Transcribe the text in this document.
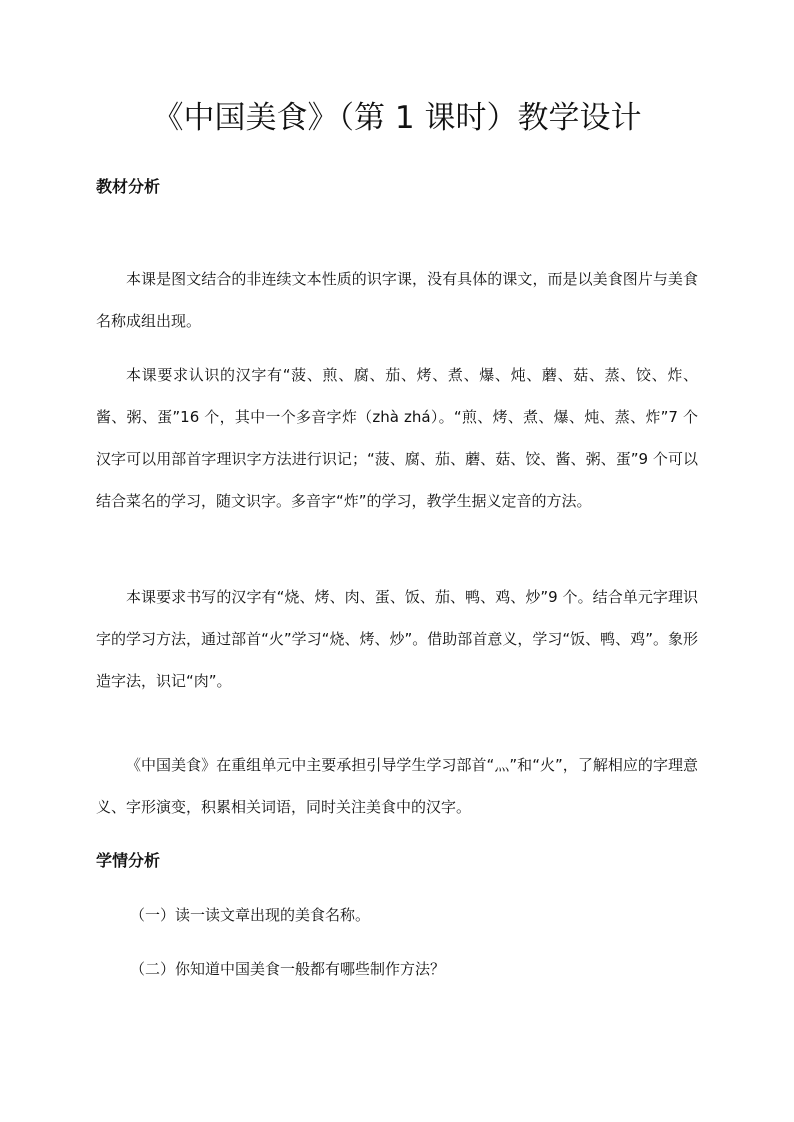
《中国美食》（第 1 课时）教学设计
教材分析

本课是图文结合的非连续文本性质的识字课，没有具体的课文，而是以美食图片与美食名称成组出现。

本课要求认识的汉字有“菠、煎、腐、茄、烤、煮、爆、炖、蘑、菇、蒸、饺、炸、酱、粥、蛋”16 个，其中一个多音字炸（zhà zhá）。“煎、烤、煮、爆、炖、蒸、炸”7 个汉字可以用部首字理识字方法进行识记；“菠、腐、茄、蘑、菇、饺、酱、粥、蛋”9 个可以结合菜名的学习，随文识字。多音字“炸”的学习，教学生据义定音的方法。

本课要求书写的汉字有“烧、烤、肉、蛋、饭、茄、鸭、鸡、炒”9 个。结合单元字理识字的学习方法，通过部首“火”学习“烧、烤、炒”。借助部首意义，学习“饭、鸭、鸡”。象形造字法，识记“肉”。

《中国美食》在重组单元中主要承担引导学生学习部首“灬”和“火”，了解相应的字理意义、字形演变，积累相关词语，同时关注美食中的汉字。

学情分析

（一）读一读文章出现的美食名称。

（二）你知道中国美食一般都有哪些制作方法？
